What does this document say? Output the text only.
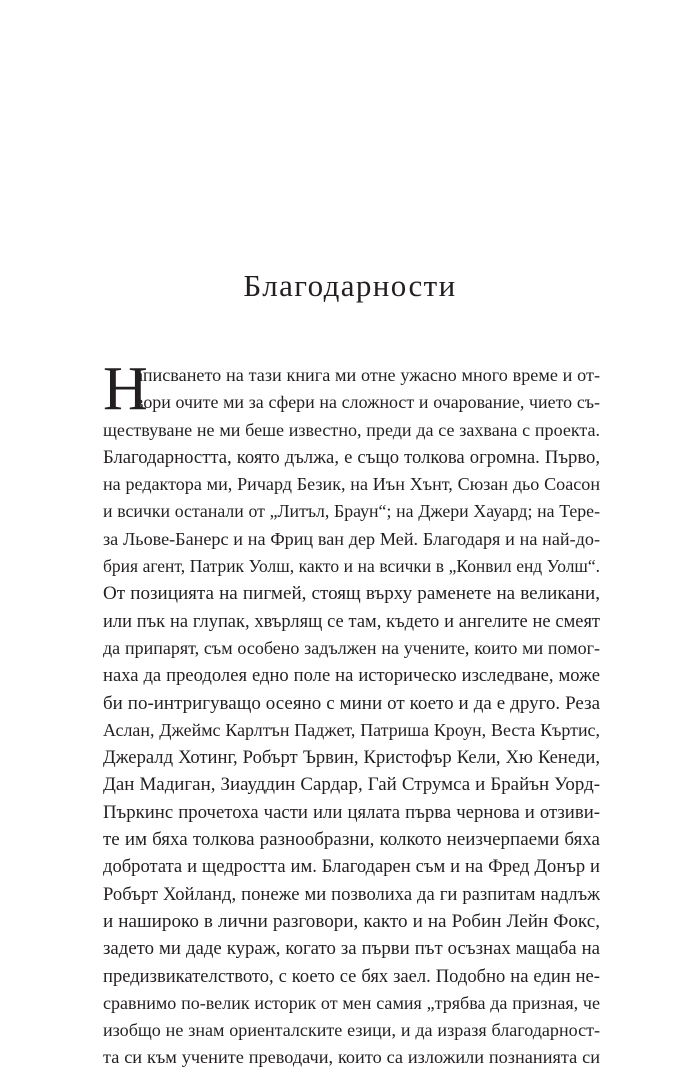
Благодарности
Н
аписването на тази книга ми отне ужасно много време и от-
вори очите ми за сфери на сложност и очарование, чието съ-
ществуване не ми беше известно, преди да се захвана с проекта.
Благодарността, която дължа, е също толкова огромна. Първо,
на редактора ми, Ричард Безик, на Иън Хънт, Сюзан дьо Соасон
и всички останали от „Литъл, Браун“; на Джери Хауард; на Тере-
за Льове-Банерс и на Фриц ван дер Мей. Благодаря и на най-до-
брия агент, Патрик Уолш, както и на всички в „Конвил енд Уолш“.
От позицията на пигмей, стоящ върху раменете на великани,
или пък на глупак, хвърлящ се там, където и ангелите не смеят
да припарят, съм особено задължен на учените, които ми помог-
наха да преодолея едно поле на историческо изследване, може
би по-интригуващо осеяно с мини от което и да е друго. Реза
Аслан, Джеймс Карлтън Паджет, Патриша Кроун, Веста Къртис,
Джералд Хотинг, Робърт Ървин, Кристофър Кели, Хю Кенеди,
Дан Мадиган, Зиауддин Сардар, Гай Струмса и Брайън Уорд-
Пъркинс прочетоха части или цялата първа чернова и отзиви-
те им бяха толкова разнообразни, колкото неизчерпаеми бяха
добротата и щедростта им. Благодарен съм и на Фред Донър и
Робърт Хойланд, понеже ми позволиха да ги разпитам надлъж
и нашироко в лични разговори, както и на Робин Лейн Фокс,
задето ми даде кураж, когато за първи път осъзнах мащаба на
предизвикателството, с което се бях заел. Подобно на един не-
сравнимо по-велик историк от мен самия „трябва да призная, че
изобщо не знам ориенталските езици, и да изразя благодарност-
та си към учените преводачи, които са изложили познанията си
